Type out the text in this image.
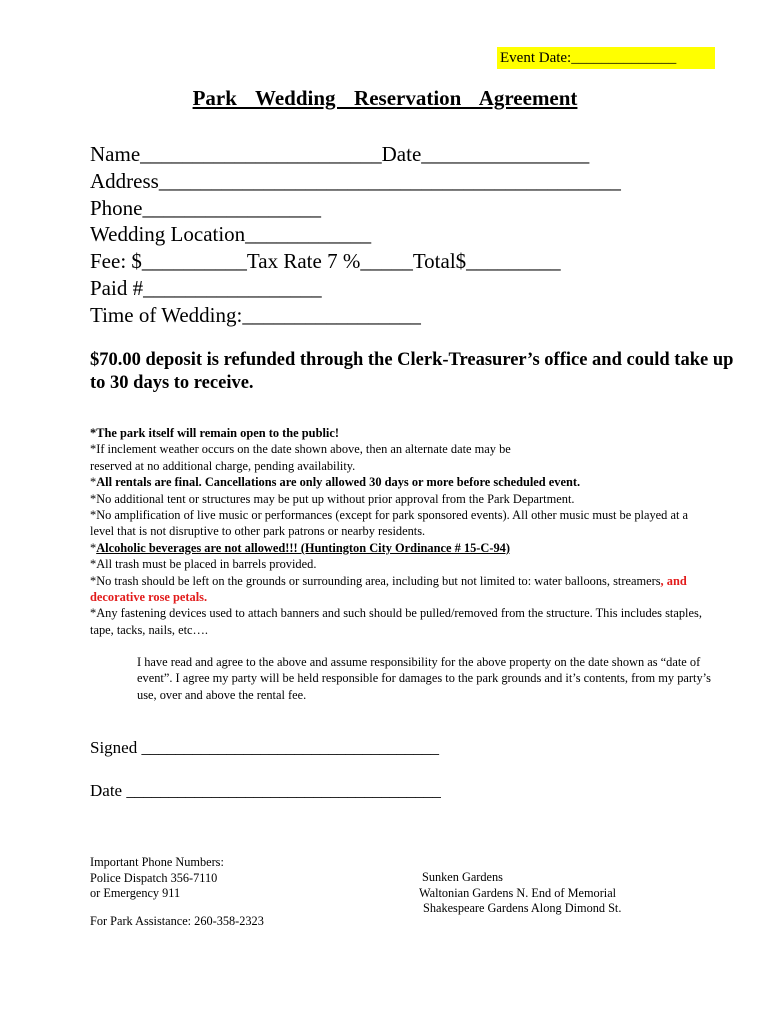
Event Date:______________
Park  Wedding  Reservation  Agreement
Name_______________________Date________________
Address____________________________________________
Phone_________________
Wedding Location____________
Fee: $__________Tax Rate 7 %_____Total$_________
Paid #_________________
Time of Wedding:_________________
$70.00 deposit is refunded through the Clerk-Treasurer’s office and could take up to 30 days to receive.

*The park itself will remain open to the public!

*If inclement weather occurs on the date shown above, then an alternate date may be

reserved at no additional charge, pending availability.

*All rentals are final. Cancellations are only allowed 30 days or more before scheduled event.

*No additional tent or structures may be put up without prior approval from the Park Department.

*No amplification of live music or performances (except for park sponsored events). All other music must be played at a level that is not disruptive to other park patrons or nearby residents.

*Alcoholic beverages are not allowed!!! (Huntington City Ordinance # 15-C-94)

*All trash must be placed in barrels provided.

*No trash should be left on the grounds or surrounding area, including but not limited to: water balloons, streamers, and decorative rose petals.

*Any fastening devices used to attach banners and such should be pulled/removed from the structure. This includes staples, tape, tacks, nails, etc….

I have read and agree to the above and assume responsibility for the above property on the date shown as “date of event”. I agree my party will be held responsible for damages to the park grounds and it’s contents, from my party’s use, over and above the rental fee.
Signed ___________________________________
Date _____________________________________
Important Phone Numbers:
Police Dispatch 356-7110
or Emergency 911
Sunken Gardens
Waltonian Gardens N. End of Memorial
Shakespeare Gardens Along Dimond St.
For Park Assistance: 260-358-2323
